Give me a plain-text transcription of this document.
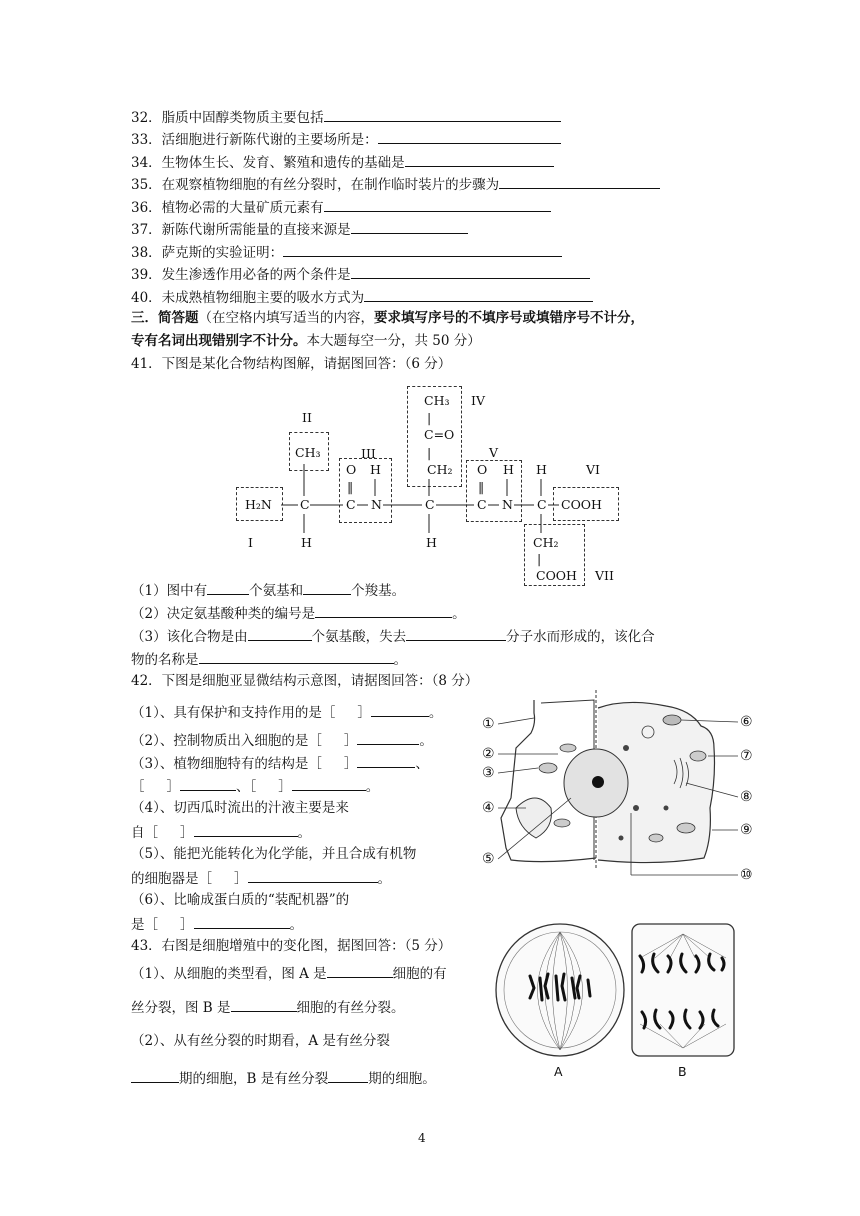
32．脂质中固醇类物质主要包括
33．活细胞进行新陈代谢的主要场所是：
34．生物体生长、发育、繁殖和遗传的基础是
35．在观察植物细胞的有丝分裂时，在制作临时装片的步骤为
36．植物必需的大量矿质元素有
37．新陈代谢所需能量的直接来源是
38．萨克斯的实验证明：
39．发生渗透作用必备的两个条件是
40．未成熟植物细胞主要的吸水方式为
三．简答题（在空格内填写适当的内容，要求填写序号的不填序号或填错序号不计分，
专有名词出现错别字不计分。本大题每空一分，共 50 分）
41．下图是某化合物结构图解，请据图回答：（6 分）
I
II
III
IV
V
VI
VII
CH₃
CH₃
|
C=O
|
CH₂
O H
‖
O H
‖
H
H₂N C	C N	C	C N C COOH
H	H	CH₂
|
COOH
（1）图中有	个氨基和	个羧基。
（2）决定氨基酸种类的编号是	。
（3）该化合物是由	个氨基酸，失去	分子水而形成的，该化合
物的名称是	。
42．下图是细胞亚显微结构示意图，请据图回答：（8 分）
（1）、具有保护和支持作用的是［ ］	。
（2）、控制物质出入细胞的是［ ］	。
（3）、植物细胞特有的结构是［ ］	、
［ ］	、［ ］	。
（4）、切西瓜时流出的汁液主要是来
自［ ］	。
（5）、能把光能转化为化学能，并且合成有机物
的细胞器是［ ］	。
（6）、比喻成蛋白质的“装配机器”的
是［ ］	。
①
②
③
④
⑤
⑥
⑦
⑧
⑨
⑩
43．右图是细胞增殖中的变化图，据图回答：（5 分）
（1）、从细胞的类型看，图 A 是	细胞的有
丝分裂，图 B 是	细胞的有丝分裂。
（2）、从有丝分裂的时期看，A 是有丝分裂
期的细胞，B 是有丝分裂	期的细胞。	A	B
4
